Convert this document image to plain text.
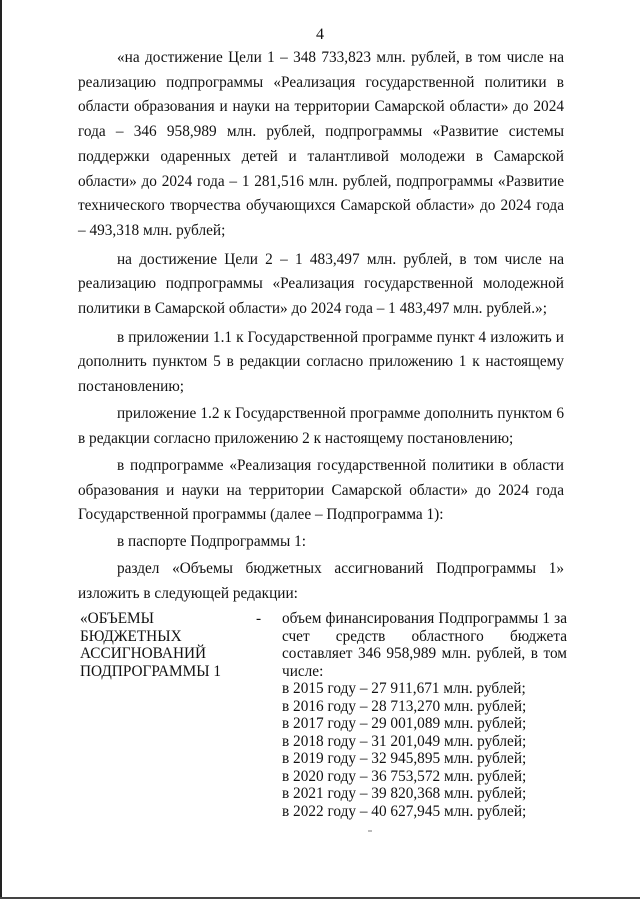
4

«на достижение Цели 1 – 348 733,823 млн. рублей, в том числе на реализацию подпрограммы «Реализация государственной политики в области образования и науки на территории Самарской области» до 2024 года – 346 958,989 млн. рублей, подпрограммы «Развитие системы поддержки одаренных детей и талантливой молодежи в Самарской области» до 2024 года – 1 281,516 млн. рублей, подпрограммы «Развитие технического творчества обучающихся Самарской области» до 2024 года – 493,318 млн. рублей;

на достижение Цели 2 – 1 483,497 млн. рублей, в том числе на реализацию подпрограммы «Реализация государственной молодежной политики в Самарской области» до 2024 года – 1 483,497 млн. рублей.»;

в приложении 1.1 к Государственной программе пункт 4 изложить и дополнить пунктом 5 в редакции согласно приложению 1 к настоящему постановлению;

приложение 1.2 к Государственной программе дополнить пунктом 6 в редакции согласно приложению 2 к настоящему постановлению;

в подпрограмме «Реализация государственной политики в области образования и науки на территории Самарской области» до 2024 года Государственной программы (далее – Подпрограмма 1):

в паспорте Подпрограммы 1:

раздел «Объемы бюджетных ассигнований Подпрограммы 1» изложить в следующей редакции:

«ОБЪЕМЫ
БЮДЖЕТНЫХ
АССИГНОВАНИЙ
ПОДПРОГРАММЫ 1
-	объем финансирования Подпрограммы 1 за счет средств областного бюджета составляет 346 958,989 млн. рублей, в том числе:

в 2015 году – 27 911,671 млн. рублей;

в 2016 году – 28 713,270 млн. рублей;

в 2017 году – 29 001,089 млн. рублей;

в 2018 году – 31 201,049 млн. рублей;

в 2019 году – 32 945,895 млн. рублей;

в 2020 году – 36 753,572 млн. рублей;

в 2021 году – 39 820,368 млн. рублей;

в 2022 году – 40 627,945 млн. рублей;
